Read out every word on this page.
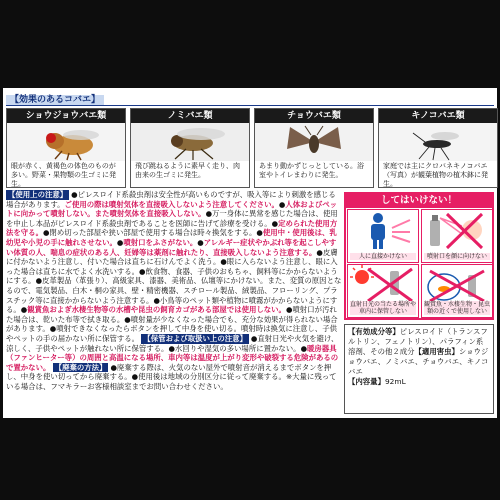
【効果のあるコバエ】
ショウジョウバエ類
眼が赤く、黄褐色の体色のものが多い。野菜・果物類の生ゴミに発生。
ノミバエ類
飛び跳ねるように素早く走り、肉由来の生ゴミに発生。
チョウバエ類
あまり動かずじっとしている。浴室やトイレまわりに発生。
キノコバエ類
家庭では主にクロバネキノコバエ（写真）が観葉植物の植木鉢に発生。
【使用上の注意】 ●ピレスロイド系殺虫剤は安全性が高いものですが、吸入等により刺激を感じる場合があります。ご使用の際は噴射気体を直接吸入しないよう注意してください。●人体およびペットに向かって噴射しない。また噴射気体を直接吸入しない。●万一身体に異常を感じた場合は、使用を中止し本品がピレスロイド系殺虫剤であることを医師に告げて診療を受ける。●定められた使用方法を守る。●閉め切った部屋や狭い部屋で使用する場合は時々換気をする。●使用中・使用後は、乳幼児や小児の手に触れさせない。●噴射口をふさがない。●アレルギー症状やかぶれ等を起こしやすい体質の人、喘息の症状のある人、妊婦等は薬剤に触れたり、直接吸入しないよう注意する。●皮膚に付かないよう注意し、付いた場合は直ちに石けんでよく洗う。●眼に入らないよう注意し、眼に入った場合は直ちに水でよく水洗いする。●飲食物、食器、子供のおもちゃ、飼料等にかからないようにする。●皮革製品（革張り）、高級家具、漆器、美術品、仏壇等にかけない。また、変質の原因となるので、電気製品、白木・桐の家具、壁・精密機器、スチロール製品、絨製品、フローリング、プラスチック等に直接かからないよう注意する。●小鳥等のペット類や植物に噴霧がかからないようにする。●観賞魚およぎ水棲生物等の水槽や昆虫の飼育カゴがある部屋では使用しない。●噴射口が汚れた場合は、乾いた布等で拭き取る。●噴射量が少なくなった場合でも、充分な効果が得られない場合があります。●噴射できなくなったらボタンを押して中身を使い切る。噴射時は換気に注意し、子供やペットの手の届かない所に保管する。 【保管および取扱い上の注意】 ●直射日光や火気を避け、涼しく、子供やペットが触れない所に保管する。●水回りや湿気の多い場所に置かない。●暖房器具（ファンヒーター等）の周囲と高温になる場所、車内等は温度が上がり変形や破裂する危険があるので置かない。 【廃棄の方法】 ●廃棄する際は、火気のない屋外で噴射音が消えるまでボタンを押し、中身を使い切ってから廃棄する。●使用後は地域の分別区分に従って廃棄する。※大量に残っている場合は、フマキラーお客様相談室までお問い合わせください。
してはいけない！
人に直接かけない	噴射口を顔に向けない
直射日光の当たる場所や車内に保管しない
観賞魚・水棲生物・昆虫類の近くで使用しない
【有効成分等】ピレスロイド（トランスフルトリン、フェノトリン）、パラフィン系溶剤、その他２成分【適用害虫】ショウジョウバエ、ノミバエ、チョウバエ、キノコバエ
【内容量】92mL
